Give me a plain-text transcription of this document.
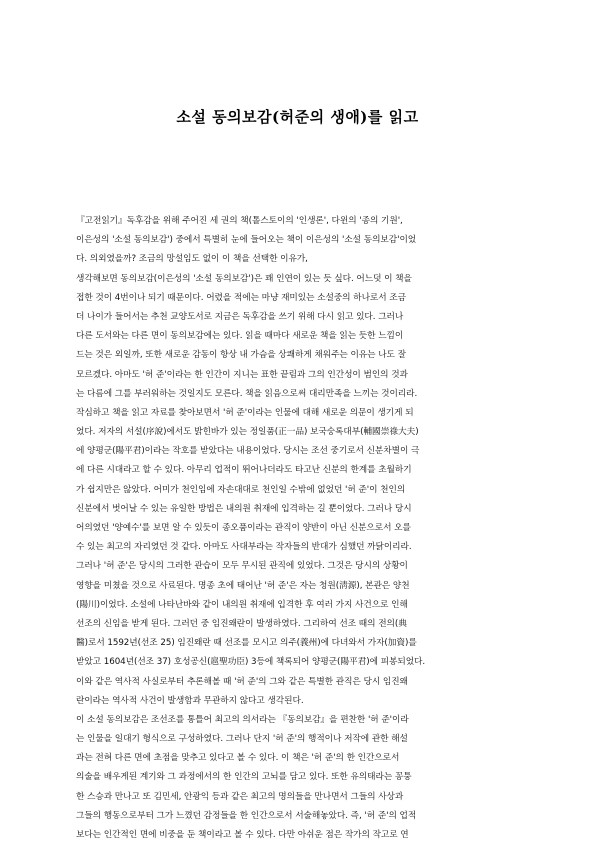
소설 동의보감(허준의 생애)를 읽고
『고전읽기』독후감을 위해 주어진 세 권의 책(톨스토이의 '인생론', 다윈의 '종의 기원',
이은성의 '소설 동의보감') 중에서 특별히 눈에 들어오는 책이 이은성의 '소설 동의보감'이었
다. 의외였을까? 조금의 망설임도 없이 이 책을 선택한 이유가,
생각해보면 동의보감(이은성의 '소설 동의보감')은 꽤 인연이 있는 듯 싶다. 어느덧 이 책을
접한 것이 4번이나 되기 때문이다. 어렸을 적에는 마냥 재미있는 소설중의 하나로서 조금
더 나이가 들어서는 추천 교양도서로 지금은 독후감을 쓰기 위해 다시 읽고 있다. 그러나
다른 도서와는 다른 면이 동의보감에는 있다. 읽을 때마다 새로운 책을 읽는 듯한 느낌이
드는 것은 외일까, 또한 새로운 감동이 항상 내 가슴을 상쾌하게 채워주는 이유는 나도 잘
모르겠다. 아마도 '허 준'이라는 한 인간이 지니는 표한 끝림과 그의 인간성이 범인의 것과
는 다름에 그를 부러워하는 것일지도 모른다. 책을 읽음으로써 대리만족을 느끼는 것이리라.
작심하고 책을 읽고 자료를 찾아보면서 '허 준'이라는 인물에 대해 새로운 의문이 생기게 되
었다. 저자의 서설(序說)에서도 밝힌바가 있는 정일품(正一品) 보국숭록대부(輔國崇祿大夫)
에 양평군(陽平君)이라는 작호를 받았다는 내용이었다. 당시는 조선 중기로서 신분차별이 극
에 다른 시대라고 할 수 있다. 아무리 업적이 뛰어나더라도 타고난 신분의 한계를 초월하기
가 쉽지만은 않았다. 어미가 천인임에 자손대대로 천인일 수밖에 없었던 '허 준'이 천인의
신분에서 벗어날 수 있는 유일한 방법은 내의원 취재에 입격하는 길 뿐이었다. 그러나 당시
어의였던 '양예수'를 보면 알 수 있듯이 종오품이라는 관직이 양반이 아닌 신분으로서 오를
수 있는 최고의 자리였던 것 같다. 아마도 사대부라는 작자들의 반대가 심했던 까닭이리라.
그러나 '허 준'은 당시의 그러한 관습이 모두 무시된 관직에 있었다. 그것은 당시의 상황이
영향을 미쳤을 것으로 사료된다. 명종 초에 태어난 '허 준'은 자는 청원(淸源), 본관은 양천
(陽川)이었다. 소설에 나타난바와 같이 내의원 취재에 입격한 후 여러 가지 사건으로 인해
선조의 신임을 받게 된다. 그러던 중 임진왜란이 발생하였다. 그리하여 선조 때의 전의(典
醫)로서 1592년(선조 25) 임진왜란 때 선조를 모시고 의주(義州)에 다녀와서 가자(加資)를
받았고 1604년(선조 37) 호성공신(扈聖功臣) 3등에 책록되어 양평군(陽平君)에 피봉되었다.
이와 같은 역사적 사실로부터 추론해볼 때 '허 준'의 그와 같은 특별한 관직은 당시 임진왜
란이라는 역사적 사건이 발생함과 무관하지 않다고 생각된다.
이 소설 동의보감은 조선조를 통틀어 최고의 의서라는 『동의보감』을 편찬한 '허 준'이라
는 인물을 일대기 형식으로 구성하였다. 그러나 단지 '허 준'의 행적이나 저작에 관한 해설
과는 전혀 다른 면에 초점을 맞추고 있다고 볼 수 있다. 이 책은 '허 준'의 한 인간으로서
의술을 배우게된 계기와 그 과정에서의 한 인간의 고뇌를 담고 있다. 또한 유의태라는 꽁퉁
한 스승과 만나고 또 김민세, 안광익 등과 같은 최고의 명의들을 만나면서 그들의 사상과
그들의 행동으로부터 그가 느꼈던 감정들을 한 인간으로서 서술해놓았다. 즉, '허 준'의 업적
보다는 인간적인 면에 비중을 둔 책이라고 볼 수 있다. 다만 아쉬운 점은 작가의 작고로 연
